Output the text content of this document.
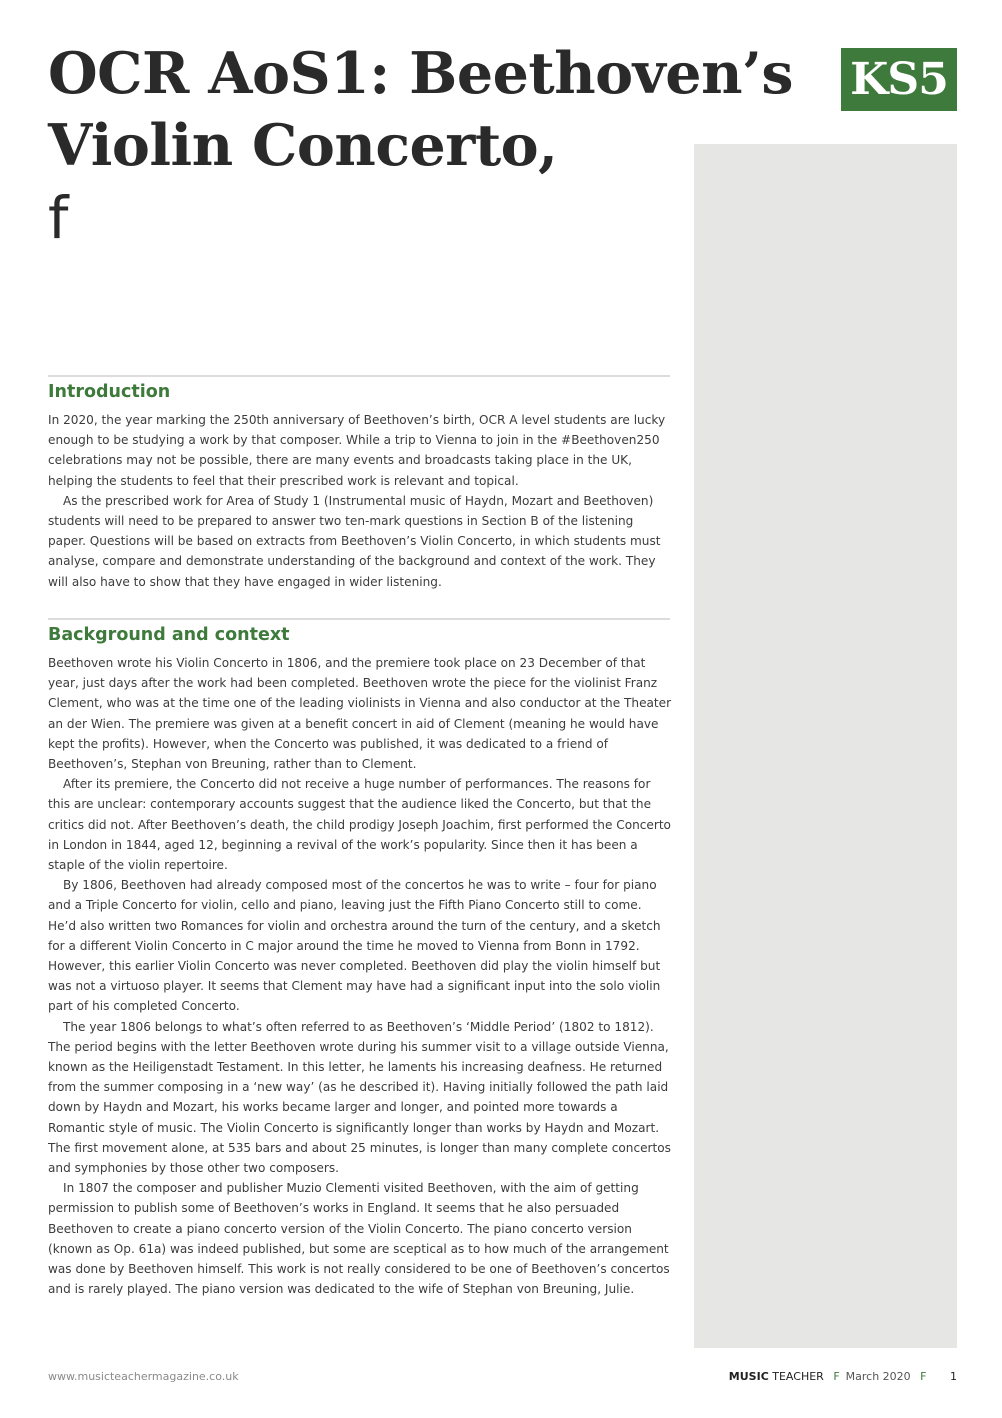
OCR AoS1: Beethoven’s
Violin Concerto,
f
KS5
Introduction

In 2020, the year marking the 250th anniversary of Beethoven’s birth, OCR A level students are lucky enough to be studying a work by that composer. While a trip to Vienna to join in the #Beethoven250 celebrations may not be possible, there are many events and broadcasts taking place in the UK, helping the students to feel that their prescribed work is relevant and topical.

As the prescribed work for Area of Study 1 (Instrumental music of Haydn, Mozart and Beethoven) students will need to be prepared to answer two ten-mark questions in Section B of the listening paper. Questions will be based on extracts from Beethoven’s Violin Concerto, in which students must analyse, compare and demonstrate understanding of the background and context of the work. They will also have to show that they have engaged in wider listening.

Background and context

Beethoven wrote his Violin Concerto in 1806, and the premiere took place on 23 December of that year, just days after the work had been completed. Beethoven wrote the piece for the violinist Franz Clement, who was at the time one of the leading violinists in Vienna and also conductor at the Theater an der Wien. The premiere was given at a benefit concert in aid of Clement (meaning he would have kept the profits). However, when the Concerto was published, it was dedicated to a friend of Beethoven’s, Stephan von Breuning, rather than to Clement.

After its premiere, the Concerto did not receive a huge number of performances. The reasons for this are unclear: contemporary accounts suggest that the audience liked the Concerto, but that the critics did not. After Beethoven’s death, the child prodigy Joseph Joachim, first performed the Concerto in London in 1844, aged 12, beginning a revival of the work’s popularity. Since then it has been a staple of the violin repertoire.

By 1806, Beethoven had already composed most of the concertos he was to write – four for piano and a Triple Concerto for violin, cello and piano, leaving just the Fifth Piano Concerto still to come. He’d also written two Romances for violin and orchestra around the turn of the century, and a sketch for a different Violin Concerto in C major around the time he moved to Vienna from Bonn in 1792. However, this earlier Violin Concerto was never completed. Beethoven did play the violin himself but was not a virtuoso player. It seems that Clement may have had a significant input into the solo violin part of his completed Concerto.

The year 1806 belongs to what’s often referred to as Beethoven’s ‘Middle Period’ (1802 to 1812). The period begins with the letter Beethoven wrote during his summer visit to a village outside Vienna, known as the Heiligenstadt Testament. In this letter, he laments his increasing deafness. He returned from the summer composing in a ‘new way’ (as he described it). Having initially followed the path laid down by Haydn and Mozart, his works became larger and longer, and pointed more towards a Romantic style of music. The Violin Concerto is significantly longer than works by Haydn and Mozart. The first movement alone, at 535 bars and about 25 minutes, is longer than many complete concertos and symphonies by those other two composers.

In 1807 the composer and publisher Muzio Clementi visited Beethoven, with the aim of getting permission to publish some of Beethoven’s works in England. It seems that he also persuaded Beethoven to create a piano concerto version of the Violin Concerto. The piano concerto version (known as Op. 61a) was indeed published, but some are sceptical as to how much of the arrangement was done by Beethoven himself. This work is not really considered to be one of Beethoven’s concertos and is rarely played. The piano version was dedicated to the wife of Stephan von Breuning, Julie.

www.musicteachermagazine.co.uk	MUSIC TEACHER F March 2020 F 1
